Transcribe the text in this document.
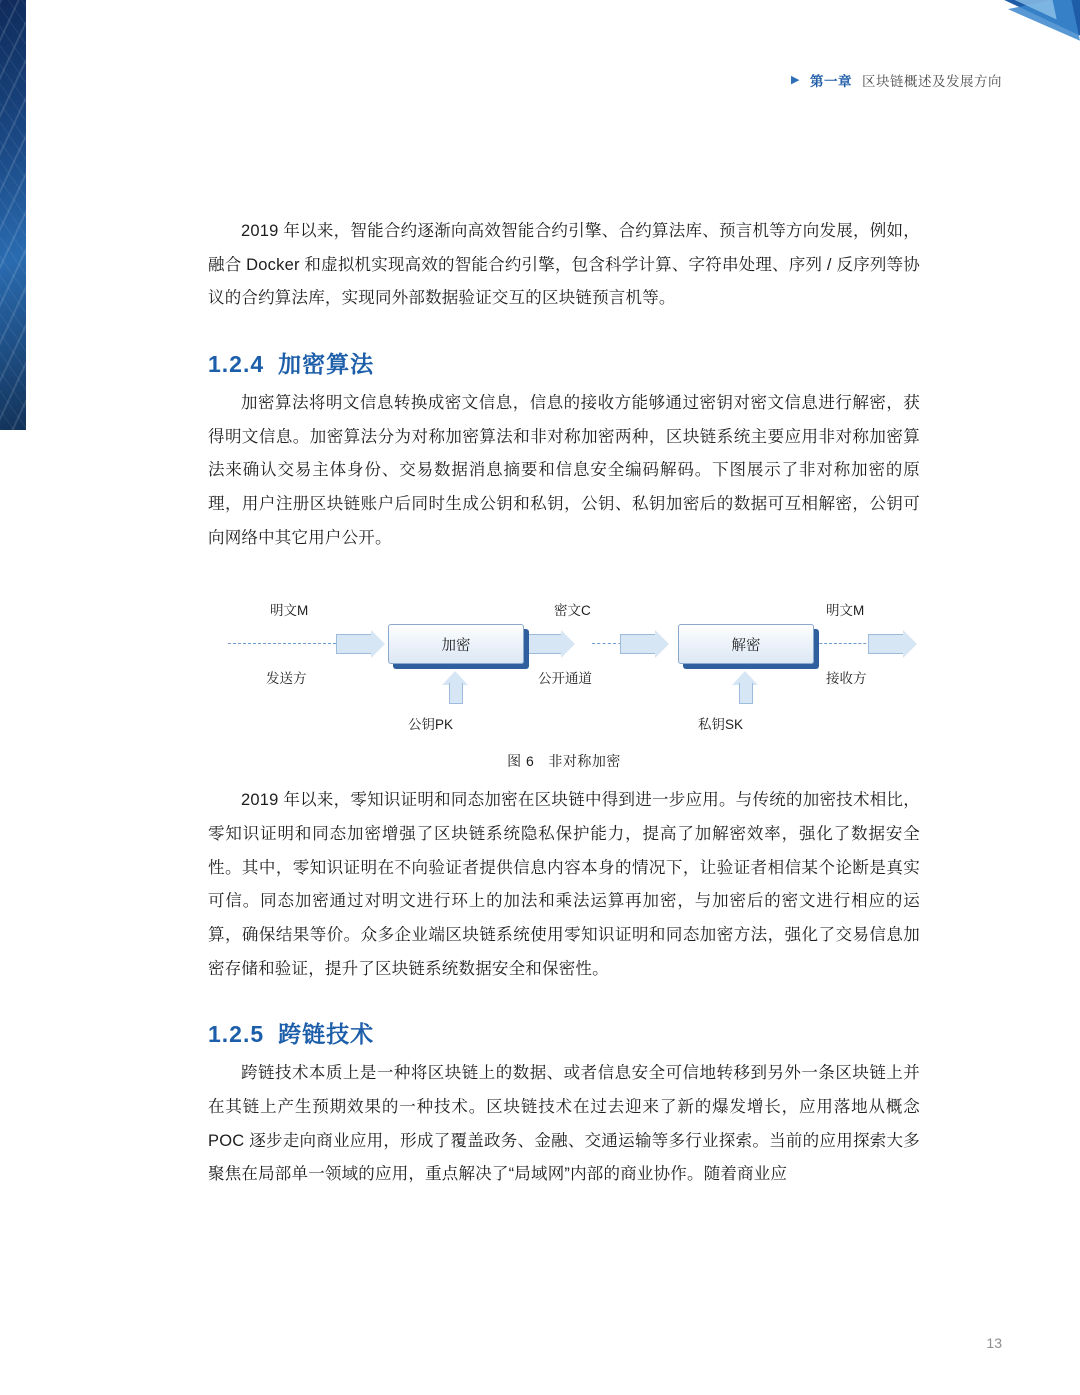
▶ 第一章 区块链概述及发展方向

2019 年以来，智能合约逐渐向高效智能合约引擎、合约算法库、预言机等方向发展，例如，融合 Docker 和虚拟机实现高效的智能合约引擎，包含科学计算、字符串处理、序列 / 反序列等协议的合约算法库，实现同外部数据验证交互的区块链预言机等。

1.2.4 加密算法

加密算法将明文信息转换成密文信息，信息的接收方能够通过密钥对密文信息进行解密，获得明文信息。加密算法分为对称加密算法和非对称加密两种，区块链系统主要应用非对称加密算法来确认交易主体身份、交易数据消息摘要和信息安全编码解码。下图展示了非对称加密的原理，用户注册区块链账户后同时生成公钥和私钥，公钥、私钥加密后的数据可互相解密，公钥可向网络中其它用户公开。

明文M	密文C	明文M
加密	解密
发送方	公开通道	接收方
公钥PK	私钥SK
图 6 非对称加密

2019 年以来，零知识证明和同态加密在区块链中得到进一步应用。与传统的加密技术相比，零知识证明和同态加密增强了区块链系统隐私保护能力，提高了加解密效率，强化了数据安全性。其中，零知识证明在不向验证者提供信息内容本身的情况下，让验证者相信某个论断是真实可信。同态加密通过对明文进行环上的加法和乘法运算再加密，与加密后的密文进行相应的运算，确保结果等价。众多企业端区块链系统使用零知识证明和同态加密方法，强化了交易信息加密存储和验证，提升了区块链系统数据安全和保密性。

1.2.5 跨链技术

跨链技术本质上是一种将区块链上的数据、或者信息安全可信地转移到另外一条区块链上并在其链上产生预期效果的一种技术。区块链技术在过去迎来了新的爆发增长，应用落地从概念 POC 逐步走向商业应用，形成了覆盖政务、金融、交通运输等多行业探索。当前的应用探索大多聚焦在局部单一领域的应用，重点解决了“局域网”内部的商业协作。随着商业应

13
